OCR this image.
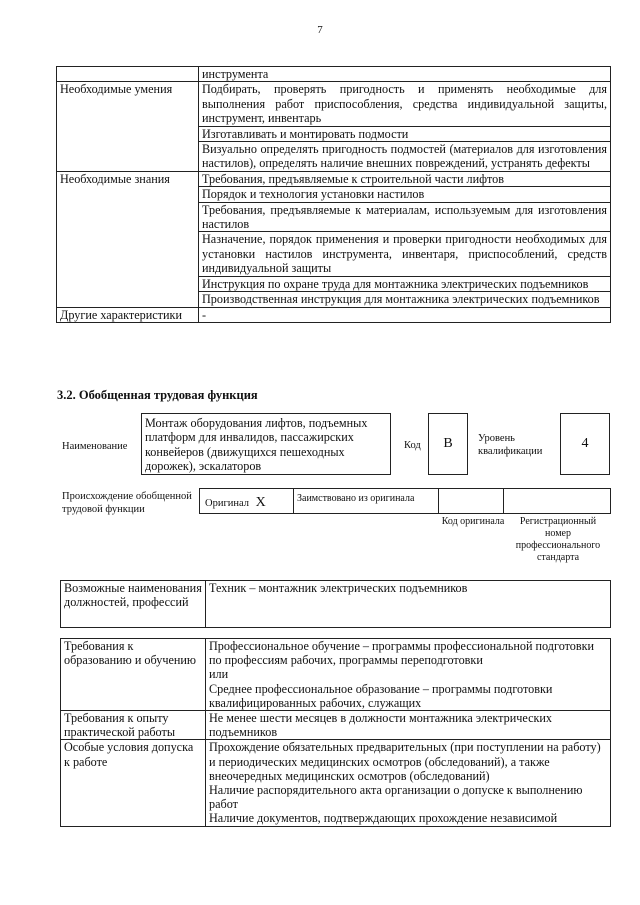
7
	инструмента
Необходимые умения	Подбирать, проверять пригодность и применять необходимые для выполнения работ приспособления, средства индивидуальной защиты, инструмент, инвентарь
	Изготавливать и монтировать подмости
	Визуально определять пригодность подмостей (материалов для изготовления настилов), определять наличие внешних повреждений, устранять дефекты
Необходимые знания	Требования, предъявляемые к строительной части лифтов
	Порядок и технология установки настилов
	Требования, предъявляемые к материалам, используемым для изготовления настилов
	Назначение, порядок применения и проверки пригодности необходимых для установки настилов инструмента, инвентаря, приспособлений, средств индивидуальной защиты
	Инструкция по охране труда для монтажника электрических подъемников
	Производственная инструкция для монтажника электрических подъемников
Другие характеристики	-
3.2. Обобщенная трудовая функция
Наименование
Монтаж оборудования лифтов, подъемных платформ для инвалидов, пассажирских конвейеров (движущихся пешеходных дорожек), эскалаторов
Код	B	Уровень квалификации
4
Происхождение обобщенной трудовой функции
Оригинал X	Заимствовано из оригинала
Код оригинала	Регистрационный номер профессионального стандарта
Возможные наименования должностей, профессий	Техник – монтажник электрических подъемников
Требования к образованию и обучению	Профессиональное обучение – программы профессиональной подготовки по профессиям рабочих, программы переподготовки
или
Среднее профессиональное образование – программы подготовки квалифицированных рабочих, служащих

Требования к опыту практической работы	Не менее шести месяцев в должности монтажника электрических подъемников

Особые условия допуска к работе	Прохождение обязательных предварительных (при поступлении на работу) и периодических медицинских осмотров (обследований), а также внеочередных медицинских осмотров (обследований)
Наличие распорядительного акта организации о допуске к выполнению работ
Наличие документов, подтверждающих прохождение независимой
